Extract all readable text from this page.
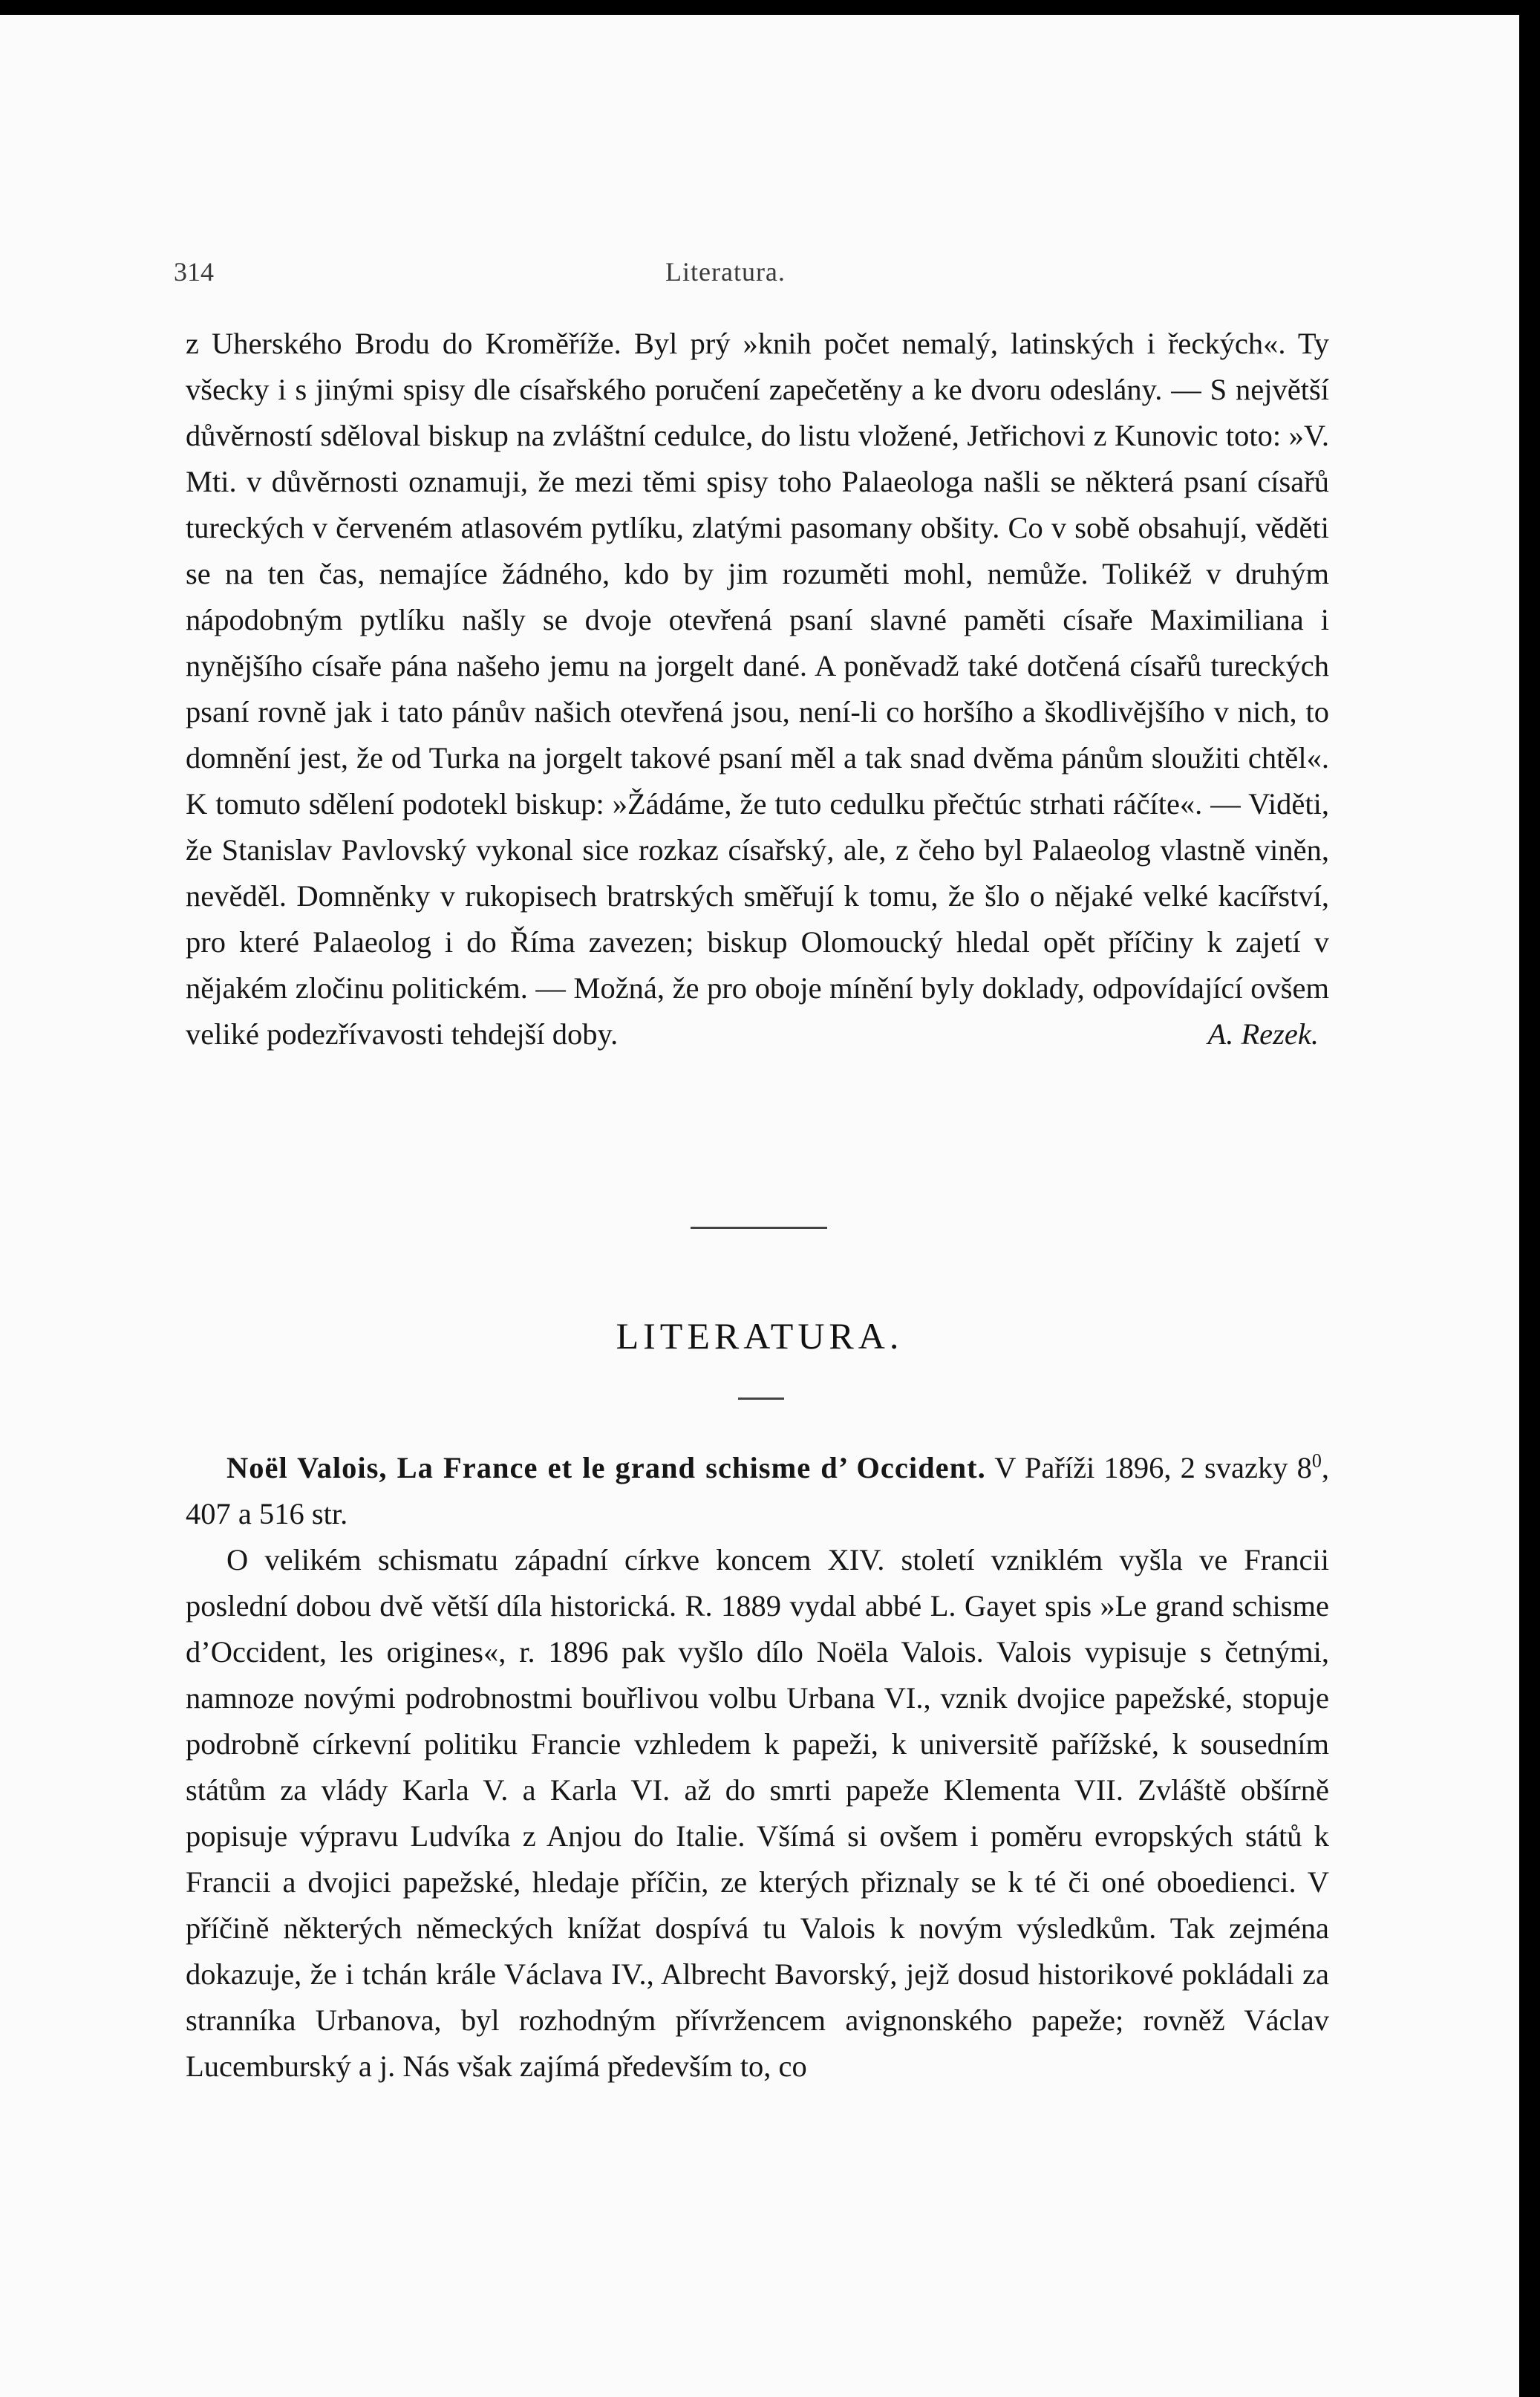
314	Literatura.

z Uherského Brodu do Kroměříže. Byl prý »knih počet nemalý, latinských i řeckých«. Ty všecky i s jinými spisy dle císařského poručení zapečetěny a ke dvoru odeslány. — S největší důvěrností sděloval biskup na zvláštní cedulce, do listu vložené, Jetřichovi z Kunovic toto: »V. Mti. v důvěrnosti oznamuji, že mezi těmi spisy toho Palaeologa našli se některá psaní císařů tureckých v červeném atlasovém pytlíku, zlatými pasomany obšity. Co v sobě obsahují, věděti se na ten čas, nemajíce žádného, kdo by jim rozuměti mohl, nemůže. Tolikéž v druhým nápodobným pytlíku našly se dvoje otevřená psaní slavné paměti císaře Maximiliana i nynějšího císaře pána našeho jemu na jorgelt dané. A poněvadž také dotčená císařů tureckých psaní rovně jak i tato pánův našich otevřená jsou, není-li co horšího a škodlivějšího v nich, to domnění jest, že od Turka na jorgelt takové psaní měl a tak snad dvěma pánům sloužiti chtěl«. K tomuto sdělení podotekl biskup: »Žádáme, že tuto cedulku přečtúc strhati ráčíte«. — Viděti, že Stanislav Pavlovský vykonal sice rozkaz císařský, ale, z čeho byl Palaeolog vlastně viněn, nevěděl. Domněnky v rukopisech bratrských směřují k tomu, že šlo o nějaké velké kacířství, pro které Palaeolog i do Říma zavezen; biskup Olomoucký hledal opět příčiny k zajetí v nějakém zločinu politickém. — Možná, že pro oboje mínění byly doklady, odpovídající ovšem veliké podezřívavosti tehdejší doby.	A. Rezek.

LITERATURA.

Noël Valois, La France et le grand schisme d’ Occident. V Paříži 1896, 2 svazky $8^0$, 407 a 516 str.

O velikém schismatu západní církve koncem XIV. století vzniklém vyšla ve Francii poslední dobou dvě větší díla historická. R. 1889 vydal abbé L. Gayet spis »Le grand schisme d’Occident, les origines«, r. 1896 pak vyšlo dílo Noëla Valois. Valois vypisuje s četnými, namnoze novými podrobnostmi bouřlivou volbu Urbana VI., vznik dvojice papežské, stopuje podrobně církevní politiku Francie vzhledem k papeži, k universitě pařížské, k sousedním státům za vlády Karla V. a Karla VI. až do smrti papeže Klementa VII. Zvláště obšírně popisuje výpravu Ludvíka z Anjou do Italie. Všímá si ovšem i poměru evropských států k Francii a dvojici papežské, hledaje příčin, ze kterých přiznaly se k té či oné oboedienci. V příčině některých německých knížat dospívá tu Valois k novým výsledkům. Tak zejména dokazuje, že i tchán krále Václava IV., Albrecht Bavorský, jejž dosud historikové pokládali za stranníka Urbanova, byl rozhodným přívržencem avignonského papeže; rovněž Václav Lucemburský a j. Nás však zajímá především to, co
